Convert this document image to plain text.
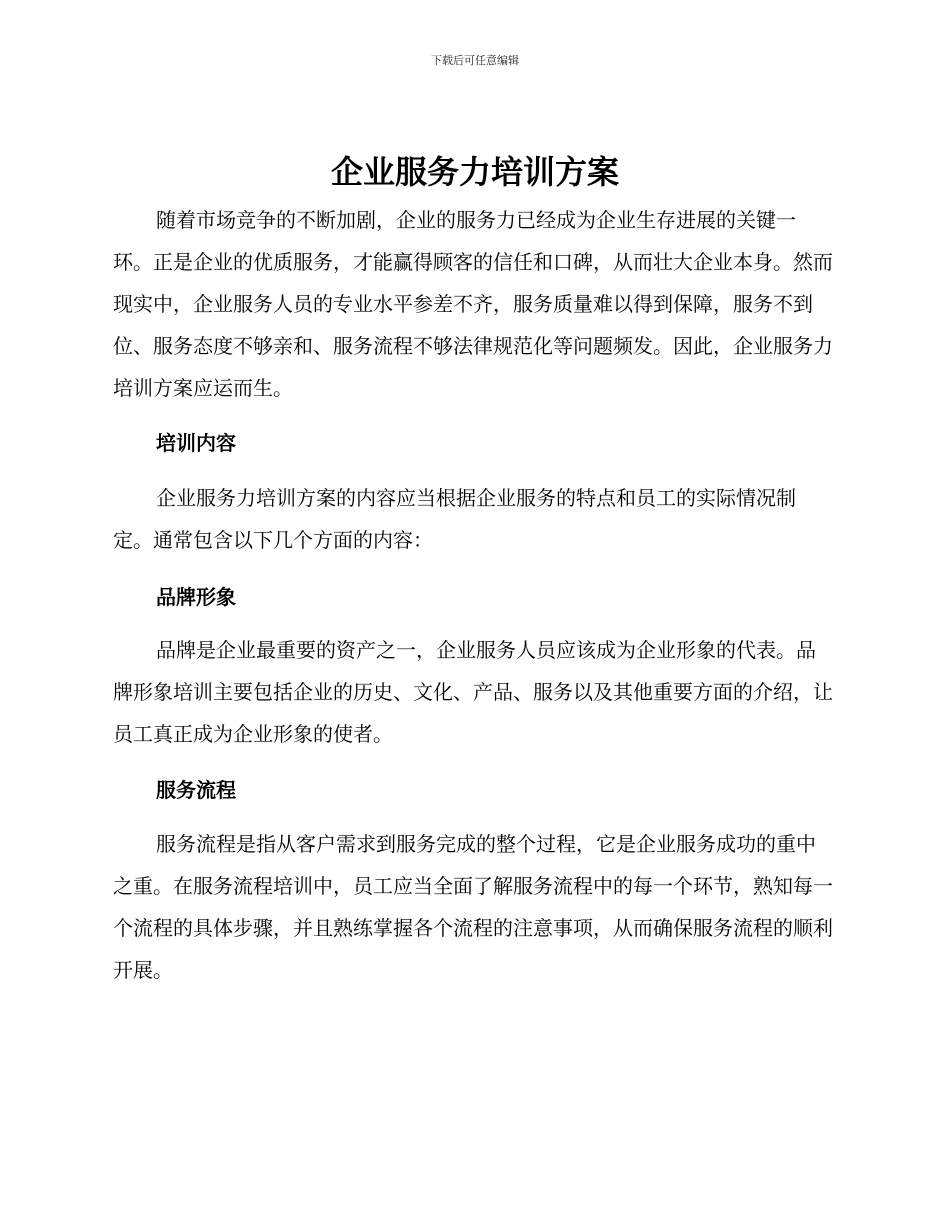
下载后可任意编辑
企业服务力培训方案

随着市场竞争的不断加剧，企业的服务力已经成为企业生存进展的关键一环。正是企业的优质服务，才能赢得顾客的信任和口碑，从而壮大企业本身。然而现实中，企业服务人员的专业水平参差不齐，服务质量难以得到保障，服务不到位、服务态度不够亲和、服务流程不够法律规范化等问题频发。因此，企业服务力培训方案应运而生。

培训内容

企业服务力培训方案的内容应当根据企业服务的特点和员工的实际情况制定。通常包含以下几个方面的内容：

品牌形象

品牌是企业最重要的资产之一，企业服务人员应该成为企业形象的代表。品牌形象培训主要包括企业的历史、文化、产品、服务以及其他重要方面的介绍，让员工真正成为企业形象的使者。

服务流程

服务流程是指从客户需求到服务完成的整个过程，它是企业服务成功的重中之重。在服务流程培训中，员工应当全面了解服务流程中的每一个环节，熟知每一个流程的具体步骤，并且熟练掌握各个流程的注意事项，从而确保服务流程的顺利开展。
